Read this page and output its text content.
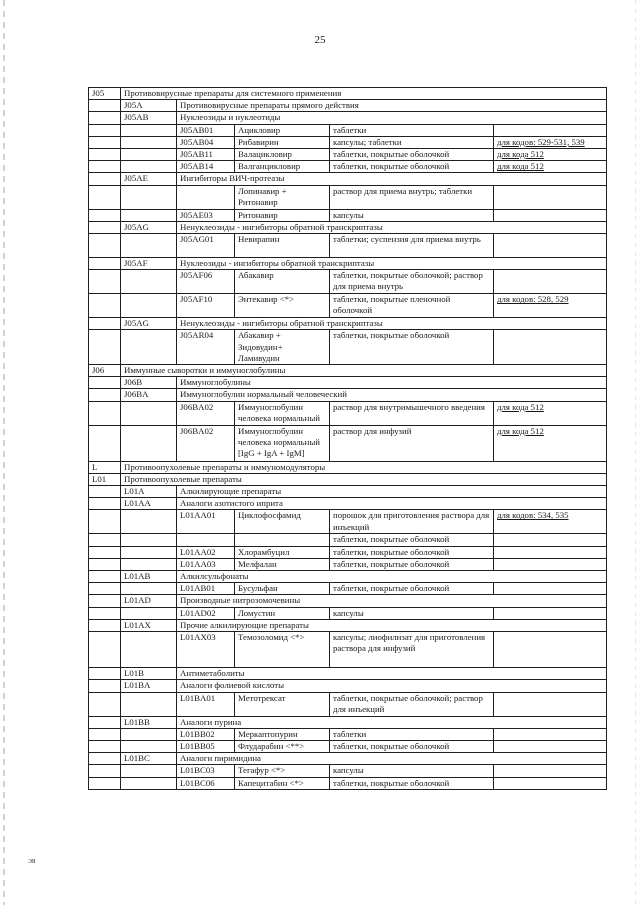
25
J05	Противовирусные препараты для системного применения				
	J05A	Противовирусные препараты прямого действия			
	J05AB	Нуклеозиды и нуклеотиды			
		J05AB01	Ацикловир	таблетки	
		J05AB04	Рибавирин	капсулы; таблетки	для кодов: 529-531, 539
		J05AB11	Валацикловир	таблетки, покрытые оболочкой	для кода 512
		J05AB14	Валганцикловир	таблетки, покрытые оболочкой	для кода 512
	J05AE	Ингибиторы ВИЧ-протеазы			
			Лопинавир + Ритонавир	раствор для приема внутрь; таблетки	
		J05AE03	Ритонавир	капсулы	
	J05AG	Ненуклеозиды - ингибиторы обратной транскриптазы			
		J05AG01	Невирапин	таблетки; суспензия для приема внутрь	
	J05AF	Нуклеозиды - ингибиторы обратной транскриптазы			
		J05AF06	Абакавир	таблетки, покрытые оболочкой; раствор для приема внутрь	
		J05AF10	Энтекавир <*>	таблетки, покрытые пленочной оболочкой	для кодов: 528, 529
	J05AG	Ненуклеозиды - ингибиторы обратной транскриптазы			
		J05AR04	Абакавир + Зидовудин+ Ламивудин	таблетки, покрытые оболочкой	
J06	Иммунные сыворотки и иммуноглобулины				
	J06B	Иммуноглобулины			
	J06BA	Иммуноглобулин нормальный человеческий			
		J06BA02	Иммуноглобулин человека нормальный	раствор для внутримышечного введения	для кода 512
		J06BA02	Иммуноглобулин человека нормальный [IgG + IgA + IgM]	раствор для инфузий	для кода 512
L	Противоопухолевые препараты и иммуномодуляторы				
L01	Противоопухолевые препараты				
	L01A	Алкилирующие препараты			
	L01AA	Аналоги азотистого иприта			
		L01AA01	Циклофосфамид	порошок для приготовления раствора для инъекций	для кодов: 534, 535
				таблетки, покрытые оболочкой	
		L01AA02	Хлорамбуцил	таблетки, покрытые оболочкой	
		L01AA03	Мелфалан	таблетки, покрытые оболочкой	
	L01AB	Алкилсульфонаты			
		L01AB01	Бусульфан	таблетки, покрытые оболочкой	
	L01AD	Производные нитрозомочевины			
		L01AD02	Ломустин	капсулы	
	L01AX	Прочие алкилирующие препараты			
		L01AX03	Темозоломид <*>	капсулы; лиофилизат для приготовления раствора для инфузий	
	L01B	Антиметаболиты			
	L01BA	Аналоги фолиевой кислоты			
		L01BA01	Метотрексат	таблетки, покрытые оболочкой; раствор для инъекций	
	L01BB	Аналоги пурина			
		L01BB02	Меркаптопурин	таблетки	
		L01BB05	Флударабин <**>	таблетки, покрытые оболочкой	
	L01BC	Аналоги пиримидина			
		L01BC03	Тегафур <*>	капсулы	
		L01BC06	Капецитабин <*>	таблетки, покрытые оболочкой	
ЭЯ
